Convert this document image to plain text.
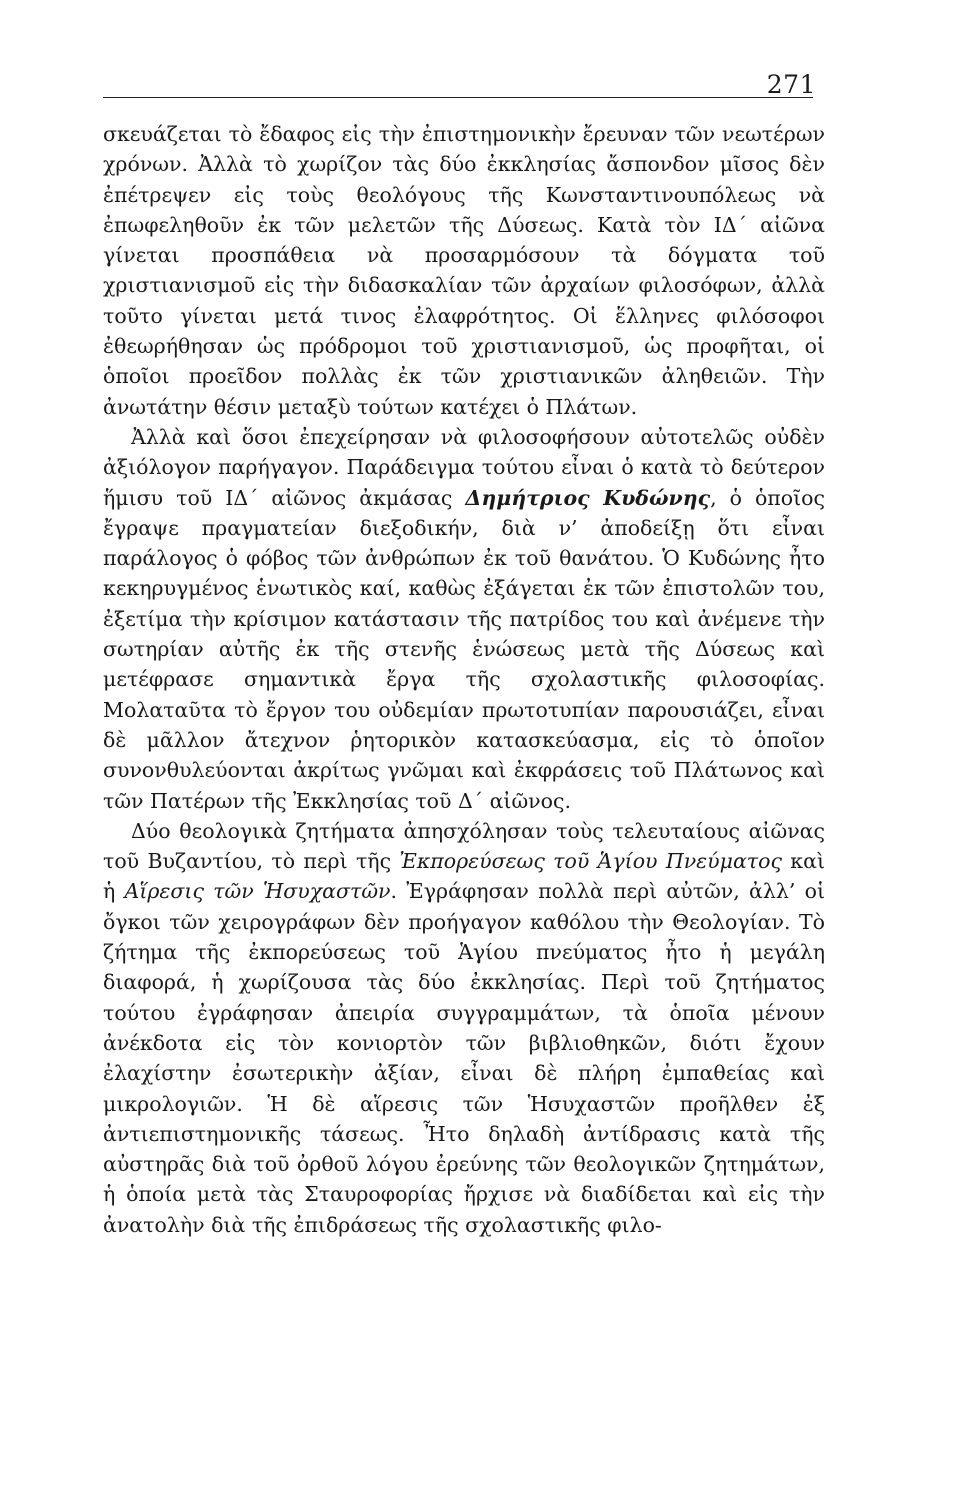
271

σκευάζεται τὸ ἔδαφος εἰς τὴν ἐπιστημονικὴν ἔρευναν τῶν νεωτέρων χρόνων. Ἀλλὰ τὸ χωρίζον τὰς δύο ἐκκλησίας ἄσπονδον μῖσος δὲν ἐπέτρεψεν εἰς τοὺς θεολόγους τῆς Κωνσταντινουπόλεως νὰ ἐπωφεληθοῦν ἐκ τῶν μελετῶν τῆς Δύσεως. Κατὰ τὸν ΙΔ΄ αἰῶνα γίνεται προσπάθεια νὰ προσαρμόσουν τὰ δόγματα τοῦ χριστιανισμοῦ εἰς τὴν διδασκαλίαν τῶν ἀρχαίων φιλοσόφων, ἀλλὰ τοῦτο γίνεται μετά τινος ἐλαφρότητος. Οἱ ἕλληνες φιλόσοφοι ἐθεωρήθησαν ὡς πρόδρομοι τοῦ χριστιανισμοῦ, ὡς προφῆται, οἱ ὁποῖοι προεῖδον πολλὰς ἐκ τῶν χριστιανικῶν ἀληθειῶν. Τὴν ἀνωτάτην θέσιν μεταξὺ τούτων κατέχει ὁ Πλάτων.

Ἀλλὰ καὶ ὅσοι ἐπεχείρησαν νὰ φιλοσοφήσουν αὐτοτελῶς οὐδὲν ἀξιόλογον παρήγαγον. Παράδειγμα τούτου εἶναι ὁ κατὰ τὸ δεύτερον ἥμισυ τοῦ ΙΔ΄ αἰῶνος ἀκμάσας Δημήτριος Κυδώνης, ὁ ὁποῖος ἔγραψε πραγματείαν διεξοδικήν, διὰ ν’ ἀποδείξῃ ὅτι εἶναι παράλογος ὁ φόβος τῶν ἀνθρώπων ἐκ τοῦ θανάτου. Ὁ Κυδώνης ἦτο κεκηρυγμένος ἑνωτικὸς καί, καθὼς ἐξάγεται ἐκ τῶν ἐπιστολῶν του, ἐξετίμα τὴν κρίσιμον κατάστασιν τῆς πατρίδος του καὶ ἀνέμενε τὴν σωτηρίαν αὐτῆς ἐκ τῆς στενῆς ἑνώσεως μετὰ τῆς Δύσεως καὶ μετέφρασε σημαντικὰ ἔργα τῆς σχολαστικῆς φιλοσοφίας. Μολαταῦτα τὸ ἔργον του οὐδεμίαν πρωτοτυπίαν παρουσιάζει, εἶναι δὲ μᾶλλον ἄτεχνον ῥητορικὸν κατασκεύασμα, εἰς τὸ ὁποῖον συνονθυλεύονται ἀκρίτως γνῶμαι καὶ ἐκφράσεις τοῦ Πλάτωνος καὶ τῶν Πατέρων τῆς Ἐκκλησίας τοῦ Δ΄ αἰῶνος.

Δύο θεολογικὰ ζητήματα ἀπησχόλησαν τοὺς τελευταίους αἰῶνας τοῦ Βυζαντίου, τὸ περὶ τῆς Ἐκπορεύσεως τοῦ Ἁγίου Πνεύματος καὶ ἡ Αἵρεσις τῶν Ἡσυχαστῶν. Ἐγράφησαν πολλὰ περὶ αὐτῶν, ἀλλ’ οἱ ὄγκοι τῶν χειρογράφων δὲν προήγαγον καθόλου τὴν Θεολογίαν. Τὸ ζήτημα τῆς ἐκπορεύσεως τοῦ Ἁγίου πνεύματος ἦτο ἡ μεγάλη διαφορά, ἡ χωρίζουσα τὰς δύο ἐκκλησίας. Περὶ τοῦ ζητήματος τούτου ἐγράφησαν ἀπειρία συγγραμμάτων, τὰ ὁποῖα μένουν ἀνέκδοτα εἰς τὸν κονιορτὸν τῶν βιβλιοθηκῶν, διότι ἔχουν ἐλαχίστην ἐσωτερικὴν ἀξίαν, εἶναι δὲ πλήρη ἐμπαθείας καὶ μικρολογιῶν. Ἡ δὲ αἵρεσις τῶν Ἡσυχαστῶν προῆλθεν ἐξ ἀντιεπιστημονικῆς τάσεως. Ἦτο δηλαδὴ ἀντίδρασις κατὰ τῆς αὐστηρᾶς διὰ τοῦ ὀρθοῦ λόγου ἐρεύνης τῶν θεολογικῶν ζητημάτων, ἡ ὁποία μετὰ τὰς Σταυροφορίας ἤρχισε νὰ διαδίδεται καὶ εἰς τὴν ἀνατολὴν διὰ τῆς ἐπιδράσεως τῆς σχολαστικῆς φιλο-
